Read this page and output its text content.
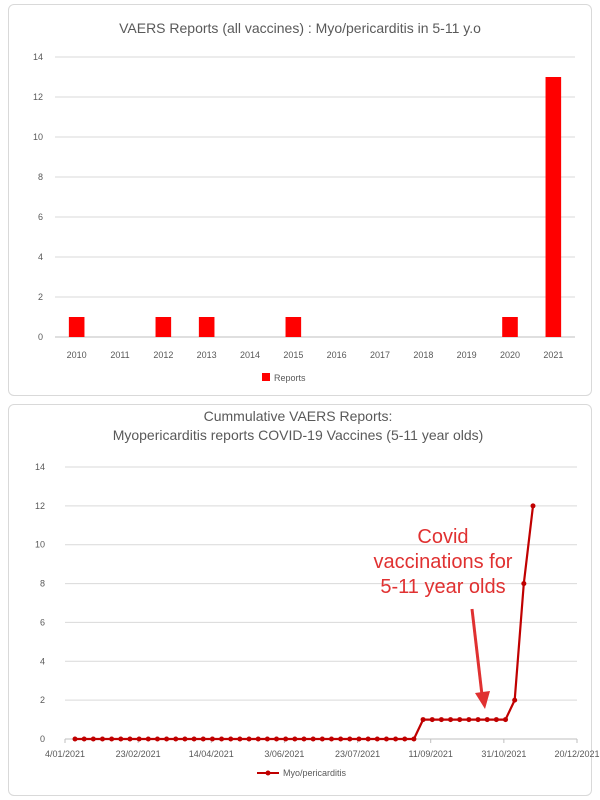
VAERS Reports (all vaccines) : Myo/pericarditis in 5-11 y.o
0
2
4
6
8
10
12
14
2010	2011	2012	2013	2014	2015	2016	2017	2018	2019	2020	2021
Reports
Cummulative VAERS Reports:
Myopericarditis reports COVID-19 Vaccines (5-11 year olds)
0
2
4
6
8
10
12
14
4/01/2021	23/02/2021	14/04/2021	3/06/2021	23/07/2021	11/09/2021	31/10/2021	20/12/2021
Covid
vaccinations for
5-11 year olds
Myo/pericarditis
